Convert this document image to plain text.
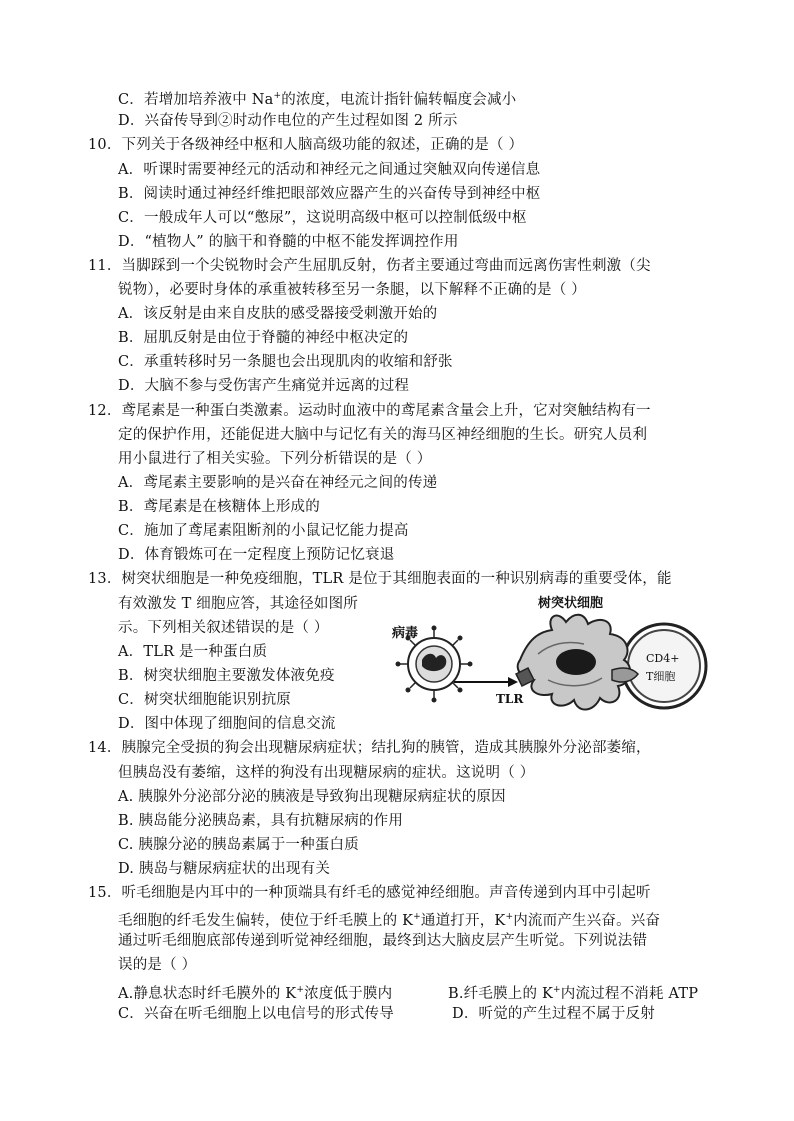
C．若增加培养液中 Na+的浓度，电流计指针偏转幅度会减小
D．兴奋传导到②时动作电位的产生过程如图 2 所示
10．下列关于各级神经中枢和人脑高级功能的叙述，正确的是（ ）
A．听课时需要神经元的活动和神经元之间通过突触双向传递信息
B．阅读时通过神经纤维把眼部效应器产生的兴奋传导到神经中枢
C．一般成年人可以“憋尿”，这说明高级中枢可以控制低级中枢
D．“植物人” 的脑干和脊髓的中枢不能发挥调控作用
11．当脚踩到一个尖锐物时会产生屈肌反射，伤者主要通过弯曲而远离伤害性刺激（尖
锐物），必要时身体的承重被转移至另一条腿，以下解释不正确的是（ ）
A．该反射是由来自皮肤的感受器接受刺激开始的
B．屈肌反射是由位于脊髓的神经中枢决定的
C．承重转移时另一条腿也会出现肌肉的收缩和舒张
D．大脑不参与受伤害产生痛觉并远离的过程
12．鸢尾素是一种蛋白类激素。运动时血液中的鸢尾素含量会上升，它对突触结构有一
定的保护作用，还能促进大脑中与记忆有关的海马区神经细胞的生长。研究人员利
用小鼠进行了相关实验。下列分析错误的是（ ）
A．鸢尾素主要影响的是兴奋在神经元之间的传递
B．鸢尾素是在核糖体上形成的
C．施加了鸢尾素阻断剂的小鼠记忆能力提高
D．体育锻炼可在一定程度上预防记忆衰退
13．树突状细胞是一种免疫细胞，TLR 是位于其细胞表面的一种识别病毒的重要受体，能
有效激发 T 细胞应答，其途径如图所
示。下列相关叙述错误的是（ ）
A．TLR 是一种蛋白质
B．树突状细胞主要激发体液免疫
C．树突状细胞能识别抗原
D．图中体现了细胞间的信息交流
树突状细胞
病毒
TLR
CD4+
T细胞
14．胰腺完全受损的狗会出现糖尿病症状；结扎狗的胰管，造成其胰腺外分泌部萎缩，
但胰岛没有萎缩，这样的狗没有出现糖尿病的症状。这说明（ ）
A. 胰腺外分泌部分泌的胰液是导致狗出现糖尿病症状的原因
B. 胰岛能分泌胰岛素，具有抗糖尿病的作用
C. 胰腺分泌的胰岛素属于一种蛋白质
D. 胰岛与糖尿病症状的出现有关
15．听毛细胞是内耳中的一种顶端具有纤毛的感觉神经细胞。声音传递到内耳中引起听
毛细胞的纤毛发生偏转，使位于纤毛膜上的 K+通道打开，K+内流而产生兴奋。兴奋
通过听毛细胞底部传递到听觉神经细胞，最终到达大脑皮层产生听觉。下列说法错
误的是（ ）
A.静息状态时纤毛膜外的 K+浓度低于膜内	B.纤毛膜上的 K+内流过程不消耗 ATP
C．兴奋在听毛细胞上以电信号的形式传导	D．听觉的产生过程不属于反射
